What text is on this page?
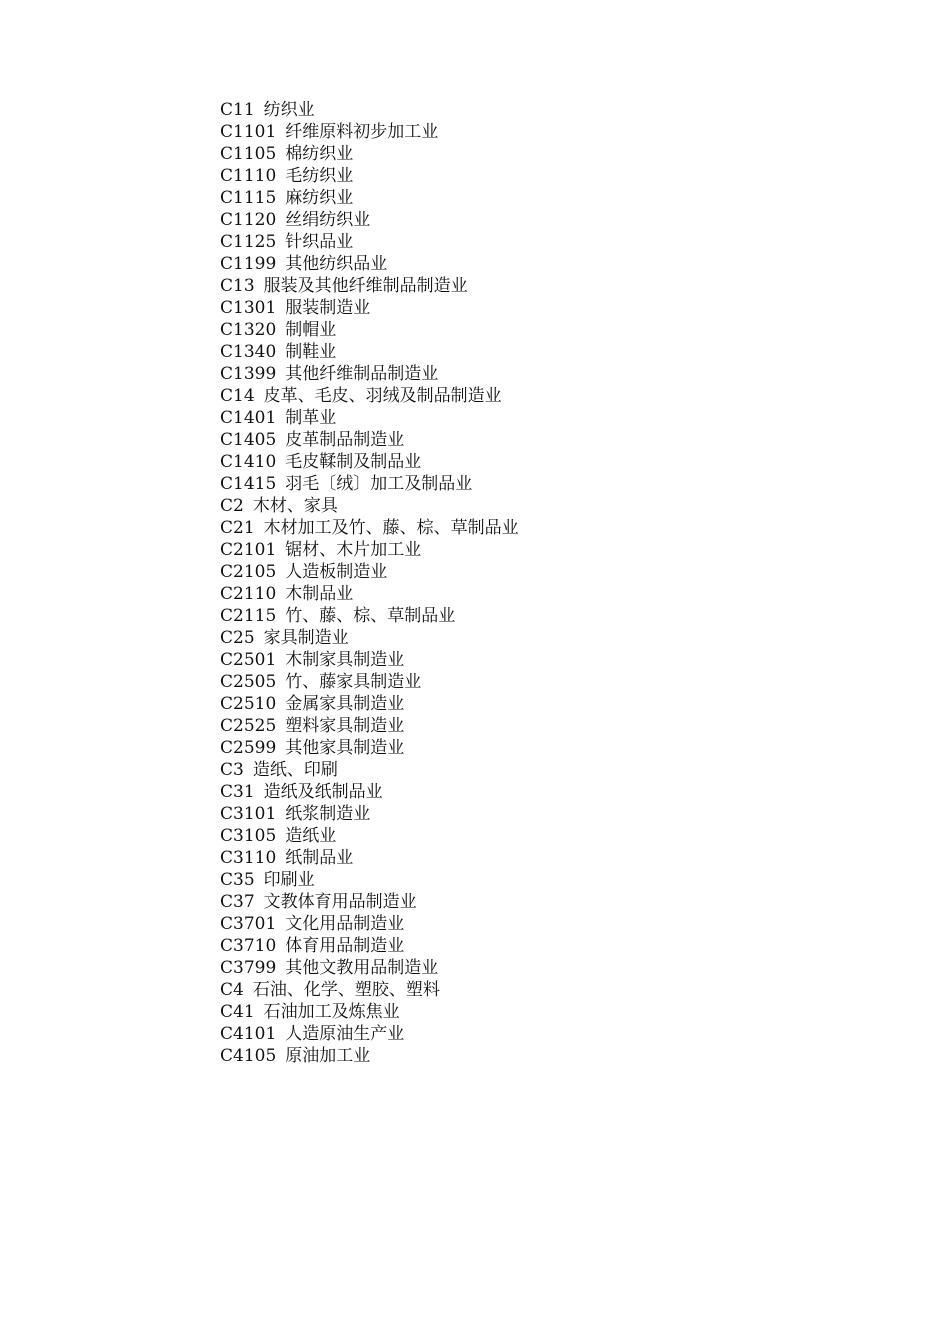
C11 纺织业
C1101 纤维原料初步加工业
C1105 棉纺织业
C1110 毛纺织业
C1115 麻纺织业
C1120 丝绢纺织业
C1125 针织品业
C1199 其他纺织品业
C13 服装及其他纤维制品制造业
C1301 服装制造业
C1320 制帽业
C1340 制鞋业
C1399 其他纤维制品制造业
C14 皮革、毛皮、羽绒及制品制造业
C1401 制革业
C1405 皮革制品制造业
C1410 毛皮鞣制及制品业
C1415 羽毛〔绒〕加工及制品业
C2 木材、家具
C21 木材加工及竹、藤、棕、草制品业
C2101 锯材、木片加工业
C2105 人造板制造业
C2110 木制品业
C2115 竹、藤、棕、草制品业
C25 家具制造业
C2501 木制家具制造业
C2505 竹、藤家具制造业
C2510 金属家具制造业
C2525 塑料家具制造业
C2599 其他家具制造业
C3 造纸、印刷
C31 造纸及纸制品业
C3101 纸浆制造业
C3105 造纸业
C3110 纸制品业
C35 印刷业
C37 文教体育用品制造业
C3701 文化用品制造业
C3710 体育用品制造业
C3799 其他文教用品制造业
C4 石油、化学、塑胶、塑料
C41 石油加工及炼焦业
C4101 人造原油生产业
C4105 原油加工业
